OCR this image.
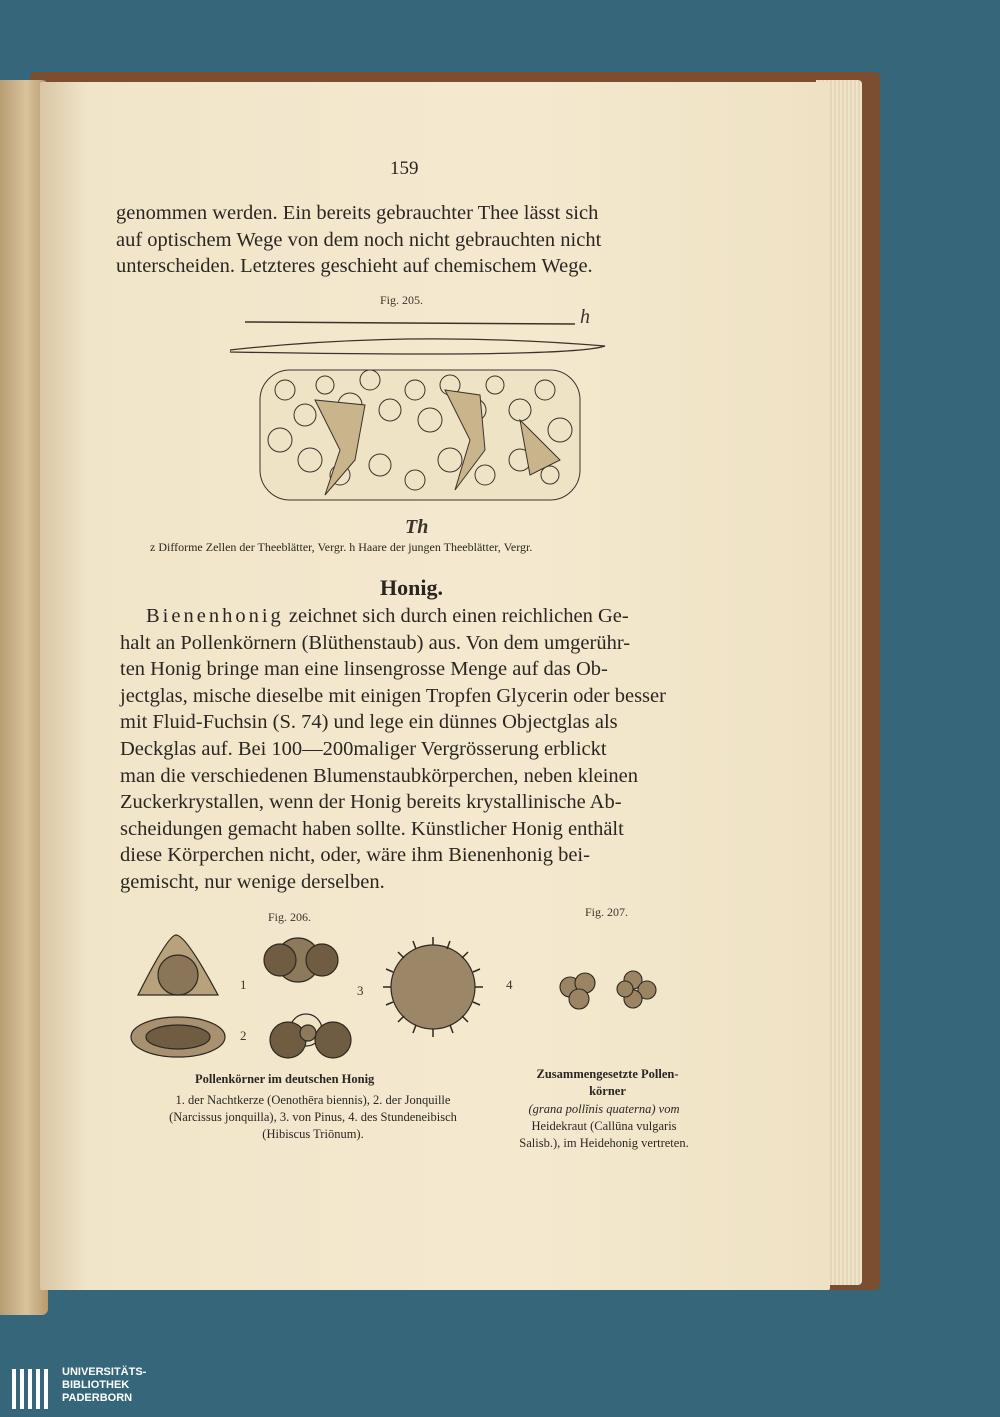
159
genommen werden. Ein bereits gebrauchter Thee lässt sich
auf optischem Wege von dem noch nicht gebrauchten nicht
unterscheiden. Letzteres geschieht auf chemischem Wege.
Fig. 205.
h
Th
z Difforme Zellen der Theeblätter, Vergr. h Haare der jungen Theeblätter, Vergr.
Honig.
Bienenhonig zeichnet sich durch einen reichlichen Ge-
halt an Pollenkörnern (Blüthenstaub) aus. Von dem umgerühr-
ten Honig bringe man eine linsengrosse Menge auf das Ob-
jectglas, mische dieselbe mit einigen Tropfen Glycerin oder besser
mit Fluid-Fuchsin (S. 74) und lege ein dünnes Objectglas als
Deckglas auf. Bei 100—200maliger Vergrösserung erblickt
man die verschiedenen Blumenstaubkörperchen, neben kleinen
Zuckerkrystallen, wenn der Honig bereits krystallinische Ab-
scheidungen gemacht haben sollte. Künstlicher Honig enthält
diese Körperchen nicht, oder, wäre ihm Bienenhonig bei-
gemischt, nur wenige derselben.
Fig. 206.	Fig. 207.
1
2
3	4
Pollenkörner im deutschen Honig
1. der Nachtkerze (Oenothēra biennis), 2. der Jonquille
(Narcissus jonquilla), 3. von Pinus, 4. des Stundeneibisch
(Hibiscus Triōnum).
Zusammengesetzte Pollen-
körner
(grana pollĭnis quaterna) vom
Heidekraut (Callūna vulgaris
Salisb.), im Heidehonig vertreten.
UNIVERSITÄTS-
BIBLIOTHEK
PADERBORN
